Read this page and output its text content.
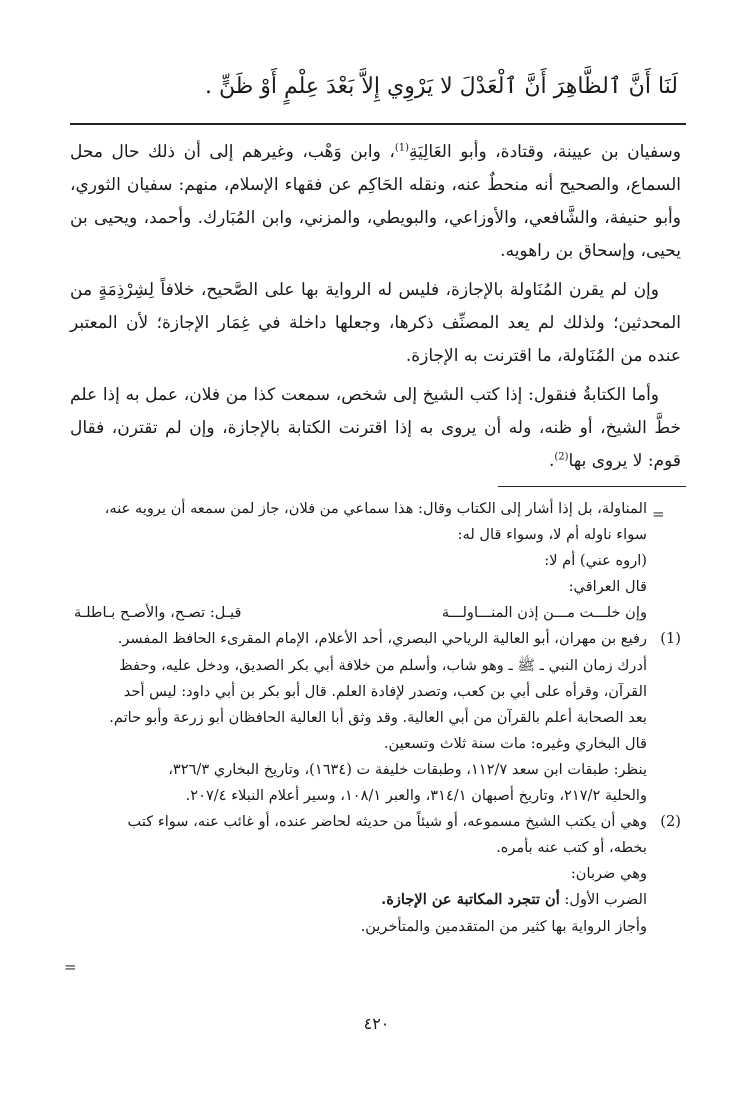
لَنَا أَنَّ ٱلظَّاهِرَ أَنَّ ٱلْعَدْلَ لا يَرْوِي إِلاَّ بَعْدَ عِلْمٍ أَوْ ظَنٍّ .

وسفيان بن عيينة، وقتادة، وأبو العَالِيَةِ$^{(1)}$، وابن وَهْب، وغيرهم إلى أن ذلك حال محل السماع، والصحيح أنه منحطٌ عنه، ونقله الحَاكِم عن فقهاء الإسلام، منهم: سفيان الثوري، وأبو حنيفة، والشَّافعي، والأوزاعي، والبويطي، والمزني، وابن المُبَارك. وأحمد، ويحيى بن يحيى، وإسحاق بن راهويه.

وإن لم يقرن المُنَاولة بالإجازة، فليس له الرواية بها على الصَّحيح، خلافاً لِشِرْذِمَةٍ من المحدثين؛ ولذلك لم يعد المصنِّف ذكرها، وجعلها داخلة في غِمَار الإجازة؛ لأن المعتبر عنده من المُنَاولة، ما اقترنت به الإجازة.

وأما الكتابةُ فنقول: إذا كتب الشيخ إلى شخص، سمعت كذا من فلان، عمل به إذا علم خطَّ الشيخ، أو ظنه، وله أن يروى به إذا اقترنت الكتابة بالإجازة، وإن لم تقترن، فقال قوم: لا يروى بها$^{(2)}$.

=
المناولة، بل إذا أشار إلى الكتاب وقال: هذا سماعي من فلان، جاز لمن سمعه أن يرويه عنه،
سواء ناوله أم لا، وسواء قال له:
(اروه عني) أم لا:
قال العراقي:
وإن خلـــت مـــن إذن المنـــاولـــة
قيـل: تصـح، والأصـح بـاطلـة
(1)
رفيع بن مهران، أبو العالية الرياحي البصري، أحد الأعلام، الإمام المقرىء الحافظ المفسر.
أدرك زمان النبي ـ ﷺ ـ وهو شاب، وأسلم من خلافة أبي بكر الصديق، ودخل عليه، وحفظ
القرآن، وقرأه على أبي بن كعب، وتصدر لإفادة العلم. قال أبو بكر بن أبي داود: ليس أحد
بعد الصحابة أعلم بالقرآن من أبي العالية. وقد وثق أبا العالية الحافظان أبو زرعة وأبو حاتم.
قال البخاري وغيره: مات سنة ثلاث وتسعين.
ينظر: طبقات ابن سعد ١١٢/٧، وطبقات خليفة ت (١٦٣٤)، وتاريخ البخاري ٣٢٦/٣،
والحلية ٢١٧/٢، وتاريخ أصبهان ٣١٤/١، والعبر ١٠٨/١، وسير أعلام النبلاء ٢٠٧/٤.
(2)
وهي أن يكتب الشيخ مسموعه، أو شيئاً من حديثه لحاضر عنده، أو غائب عنه، سواء كتب
بخطه، أو كتب عنه بأمره.
وهي ضربان:
الضرب الأول: أن تتجرد المكاتبة عن الإجازة.
وأجاز الرواية بها كثير من المتقدمين والمتأخرين.
=
٤٢٠
